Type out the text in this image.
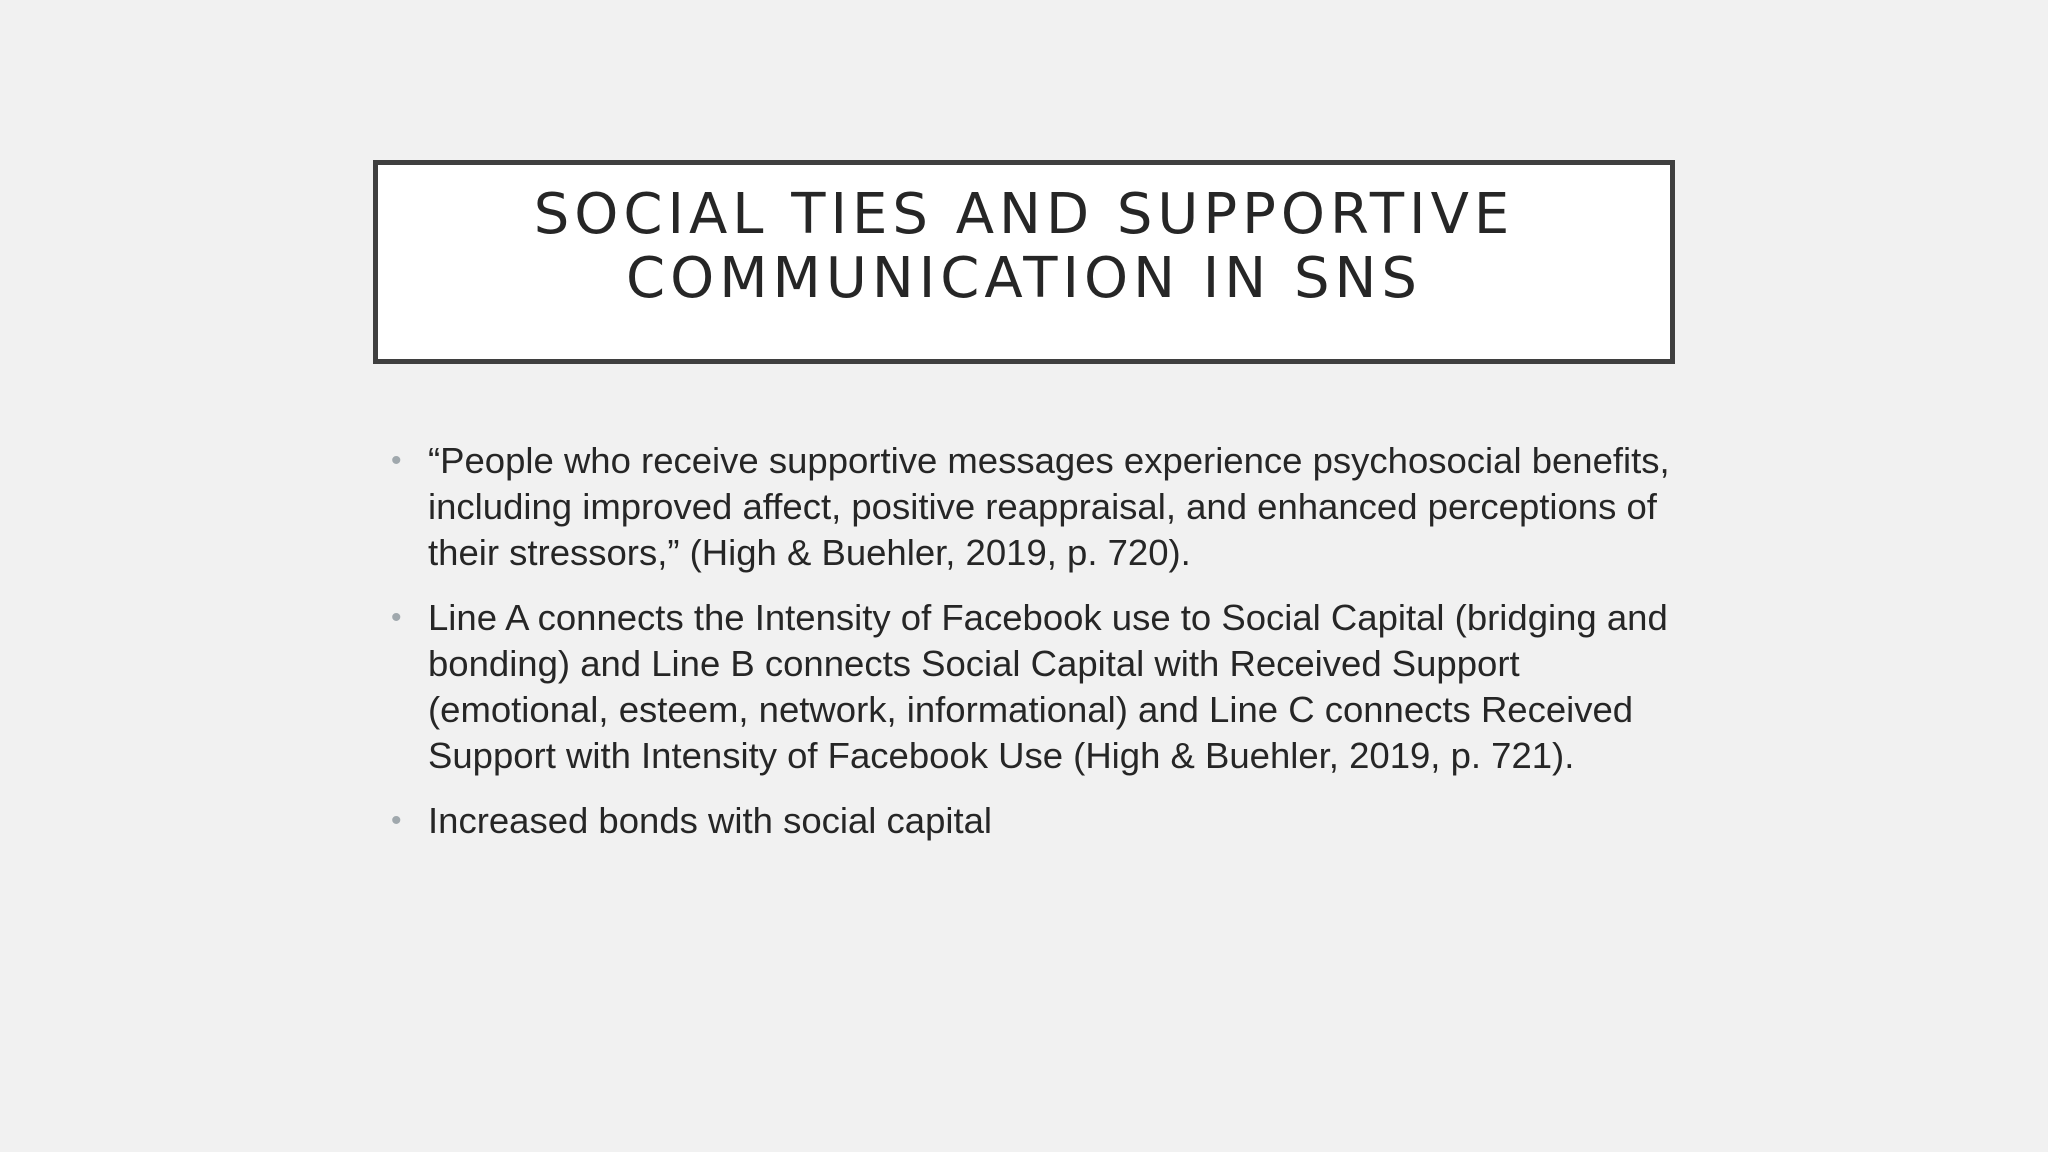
SOCIAL TIES AND SUPPORTIVE
COMMUNICATION IN SNS
• “People who receive supportive messages experience psychosocial benefits, including improved affect, positive reappraisal, and enhanced perceptions of their stressors,” (High & Buehler, 2019, p. 720).
• Line A connects the Intensity of Facebook use to Social Capital (bridging and bonding) and Line B connects Social Capital with Received Support (emotional, esteem, network, informational) and Line C connects Received Support with Intensity of Facebook Use (High & Buehler, 2019, p. 721).
• Increased bonds with social capital
